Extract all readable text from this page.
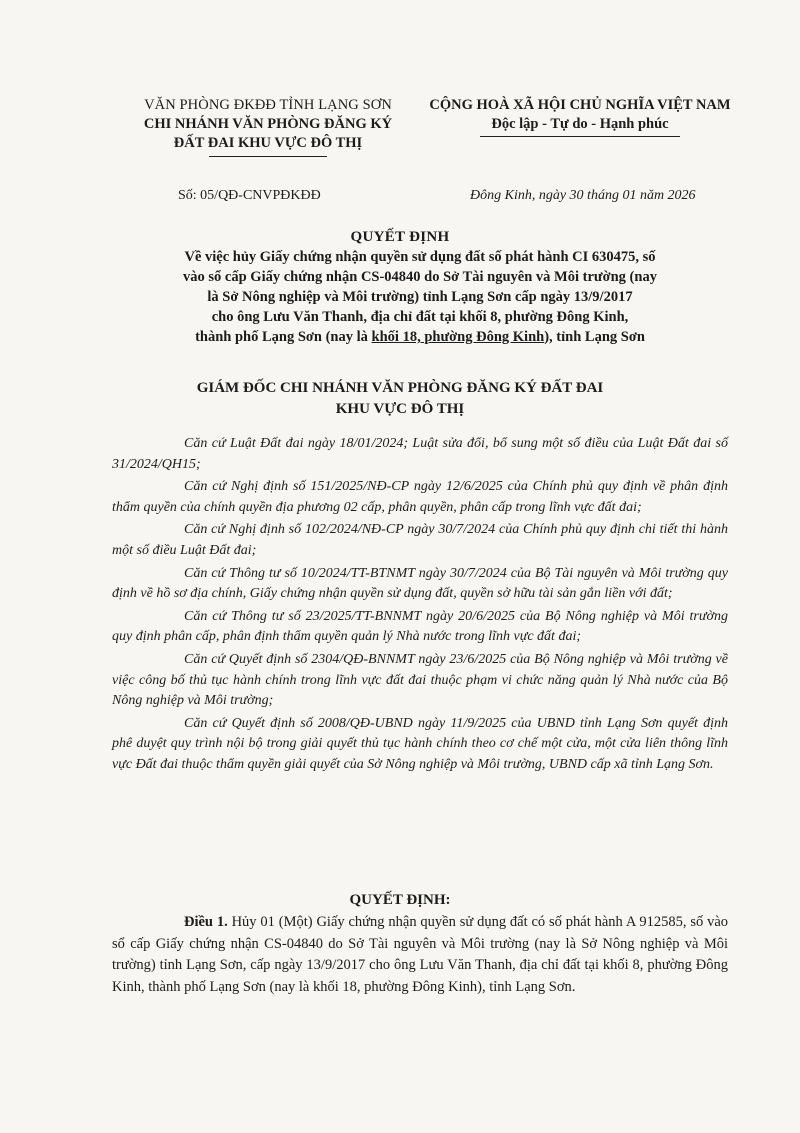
VĂN PHÒNG ĐKĐĐ TỈNH LẠNG SƠN
CHI NHÁNH VĂN PHÒNG ĐĂNG KÝ
ĐẤT ĐAI KHU VỰC ĐÔ THỊ
CỘNG HOÀ XÃ HỘI CHỦ NGHĨA VIỆT NAM
Độc lập - Tự do - Hạnh phúc
Số: 05/QĐ-CNVPĐKĐĐ	Đông Kinh, ngày 30 tháng 01 năm 2026
QUYẾT ĐỊNH
Về việc hủy Giấy chứng nhận quyền sử dụng đất số phát hành CI 630475, số
vào sổ cấp Giấy chứng nhận CS-04840 do Sở Tài nguyên và Môi trường (nay
là Sở Nông nghiệp và Môi trường) tỉnh Lạng Sơn cấp ngày 13/9/2017
cho ông Lưu Văn Thanh, địa chỉ đất tại khối 8, phường Đông Kinh,
thành phố Lạng Sơn (nay là khối 18, phường Đông Kinh), tỉnh Lạng Sơn
GIÁM ĐỐC CHI NHÁNH VĂN PHÒNG ĐĂNG KÝ ĐẤT ĐAI
KHU VỰC ĐÔ THỊ

Căn cứ Luật Đất đai ngày 18/01/2024; Luật sửa đổi, bổ sung một số điều của Luật Đất đai số 31/2024/QH15;

Căn cứ Nghị định số 151/2025/NĐ-CP ngày 12/6/2025 của Chính phủ quy định về phân định thẩm quyền của chính quyền địa phương 02 cấp, phân quyền, phân cấp trong lĩnh vực đất đai;

Căn cứ Nghị định số 102/2024/NĐ-CP ngày 30/7/2024 của Chính phủ quy định chi tiết thi hành một số điều Luật Đất đai;

Căn cứ Thông tư số 10/2024/TT-BTNMT ngày 30/7/2024 của Bộ Tài nguyên và Môi trường quy định về hồ sơ địa chính, Giấy chứng nhận quyền sử dụng đất, quyền sở hữu tài sản gắn liền với đất;

Căn cứ Thông tư số 23/2025/TT-BNNMT ngày 20/6/2025 của Bộ Nông nghiệp và Môi trường quy định phân cấp, phân định thẩm quyền quản lý Nhà nước trong lĩnh vực đất đai;

Căn cứ Quyết định số 2304/QĐ-BNNMT ngày 23/6/2025 của Bộ Nông nghiệp và Môi trường về việc công bố thủ tục hành chính trong lĩnh vực đất đai thuộc phạm vi chức năng quản lý Nhà nước của Bộ Nông nghiệp và Môi trường;

Căn cứ Quyết định số 2008/QĐ-UBND ngày 11/9/2025 của UBND tỉnh Lạng Sơn quyết định phê duyệt quy trình nội bộ trong giải quyết thủ tục hành chính theo cơ chế một cửa, một cửa liên thông lĩnh vực Đất đai thuộc thẩm quyền giải quyết của Sở Nông nghiệp và Môi trường, UBND cấp xã tỉnh Lạng Sơn.

QUYẾT ĐỊNH:

Điều 1. Hủy 01 (Một) Giấy chứng nhận quyền sử dụng đất có số phát hành A 912585, số vào sổ cấp Giấy chứng nhận CS-04840 do Sở Tài nguyên và Môi trường (nay là Sở Nông nghiệp và Môi trường) tỉnh Lạng Sơn, cấp ngày 13/9/2017 cho ông Lưu Văn Thanh, địa chỉ đất tại khối 8, phường Đông Kinh, thành phố Lạng Sơn (nay là khối 18, phường Đông Kinh), tỉnh Lạng Sơn.
